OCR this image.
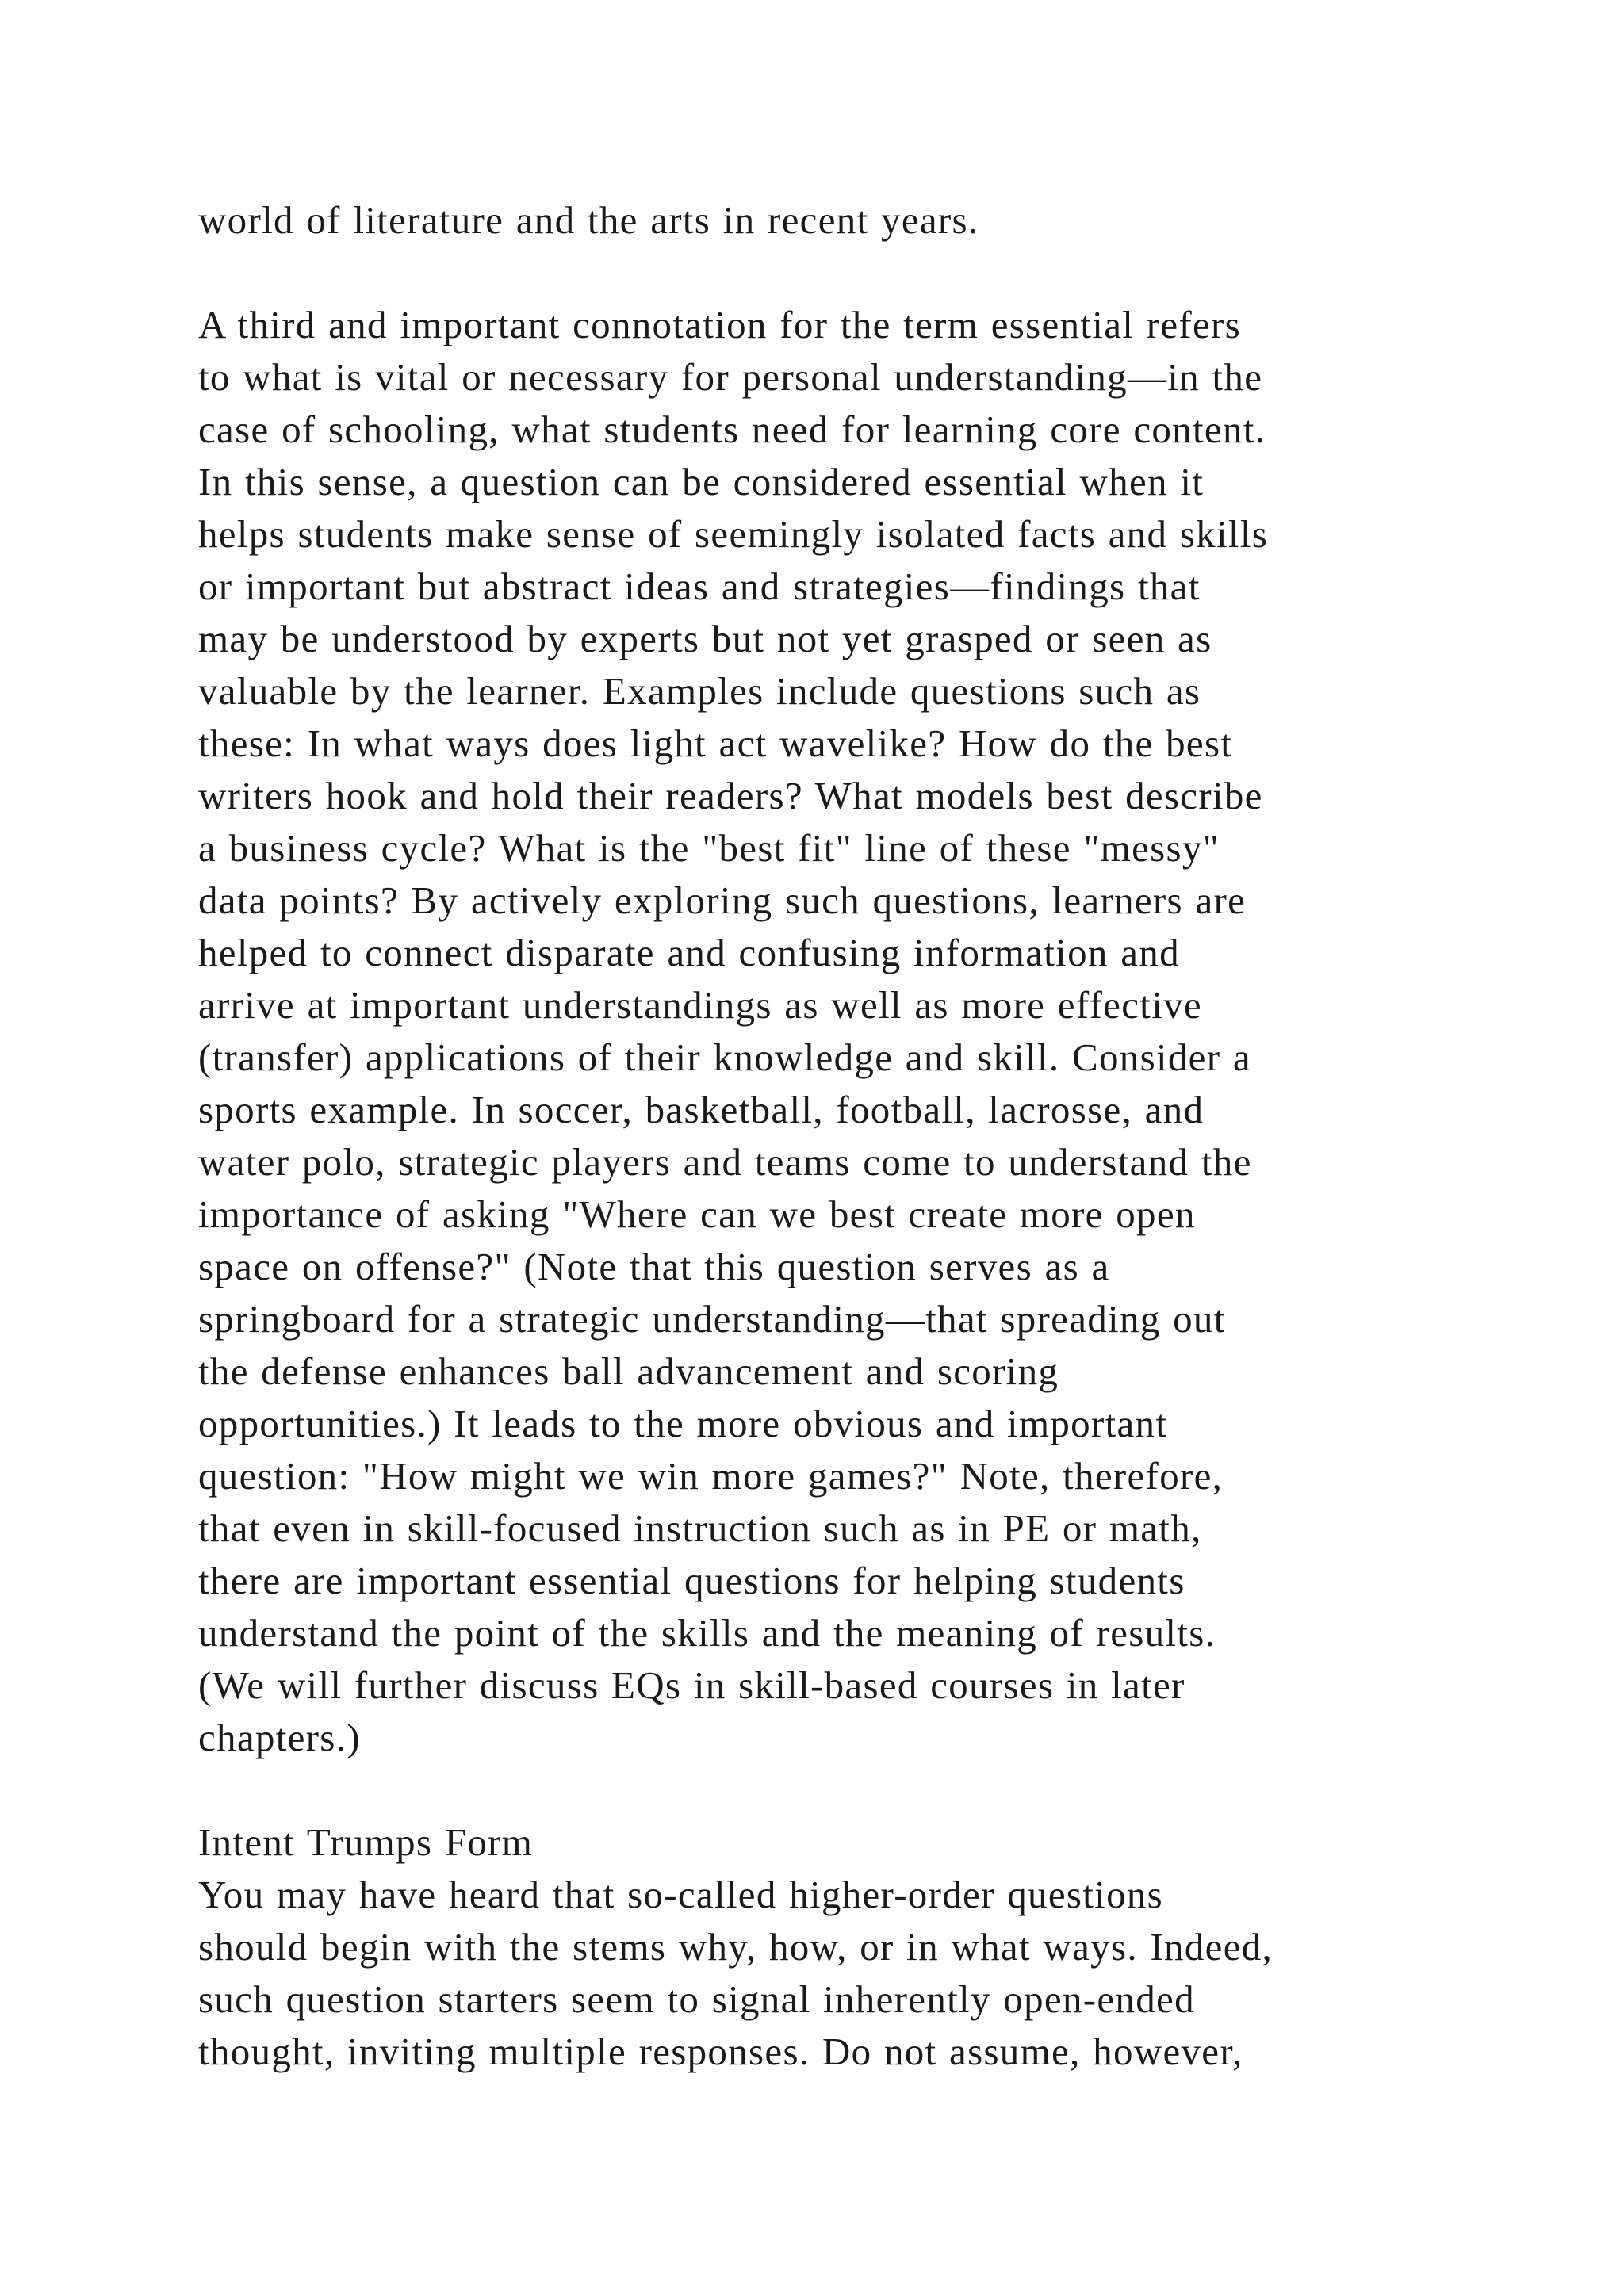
world of literature and the arts in recent years.
A third and important connotation for the term essential refers
to what is vital or necessary for personal understanding—in the
case of schooling, what students need for learning core content.
In this sense, a question can be considered essential when it
helps students make sense of seemingly isolated facts and skills
or important but abstract ideas and strategies—findings that
may be understood by experts but not yet grasped or seen as
valuable by the learner. Examples include questions such as
these: In what ways does light act wavelike? How do the best
writers hook and hold their readers? What models best describe
a business cycle? What is the "best fit" line of these "messy"
data points? By actively exploring such questions, learners are
helped to connect disparate and confusing information and
arrive at important understandings as well as more effective
(transfer) applications of their knowledge and skill. Consider a
sports example. In soccer, basketball, football, lacrosse, and
water polo, strategic players and teams come to understand the
importance of asking "Where can we best create more open
space on offense?" (Note that this question serves as a
springboard for a strategic understanding—that spreading out
the defense enhances ball advancement and scoring
opportunities.) It leads to the more obvious and important
question: "How might we win more games?" Note, therefore,
that even in skill-focused instruction such as in PE or math,
there are important essential questions for helping students
understand the point of the skills and the meaning of results.
(We will further discuss EQs in skill-based courses in later
chapters.)
Intent Trumps Form
You may have heard that so-called higher-order questions
should begin with the stems why, how, or in what ways. Indeed,
such question starters seem to signal inherently open-ended
thought, inviting multiple responses. Do not assume, however,
